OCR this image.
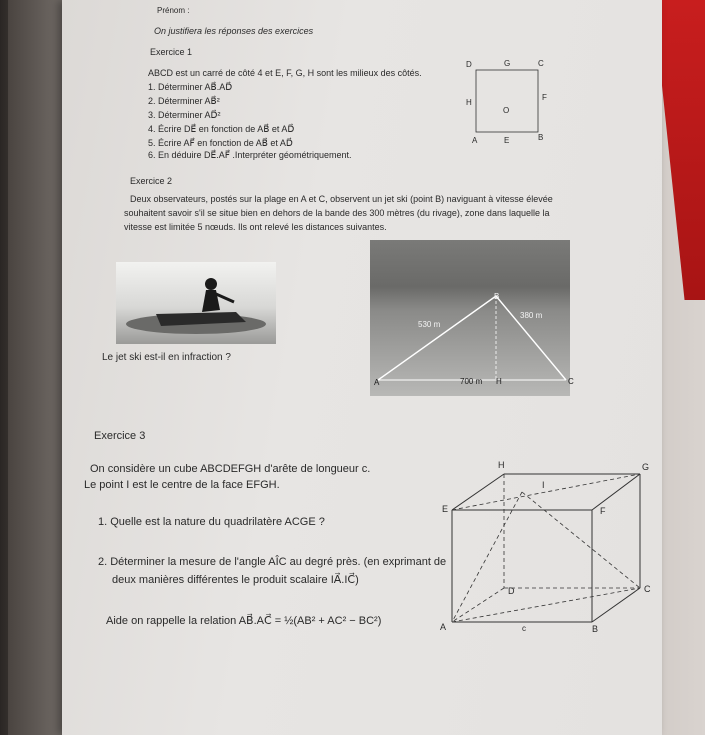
Prénom :
On justifiera les réponses des exercices
Exercice 1
ABCD est un carré de côté 4 et E, F, G, H sont les milieux des côtés.
1. Déterminer AB⃗.AD⃗
2. Déterminer AB⃗²
3. Déterminer AD⃗²
4. Écrire DE⃗ en fonction de AB⃗ et AD⃗
5. Écrire AF⃗ en fonction de AB⃗ et AD⃗
6. En déduire DE⃗.AF⃗ .Interpréter géométriquement.
D	G	C
H
O
F
A	E	B
Exercice 2
Deux observateurs, postés sur la plage en A et C, observent un jet ski (point B) naviguant à vitesse élevée
souhaitent savoir s'il se situe bien en dehors de la bande des 300 mètres (du rivage), zone dans laquelle la
vitesse est limitée 5 nœuds. Ils ont relevé les distances suivantes.
Le jet ski est-il en infraction ?
B
530 m
380 m
A	700 m H	C
Exercice 3
On considère un cube ABCDEFGH d'arête de longueur c.
Le point I est le centre de la face EFGH.
1. Quelle est la nature du quadrilatère ACGE ?
2. Déterminer la mesure de l'angle AÎC au degré près. (en exprimant de
deux manières différentes le produit scalaire IA⃗.IC⃗)
Aide on rappelle la relation AB⃗.AC⃗ = ½(AB² + AC² − BC²)
H	G
I
E	F
D	C
A	c	B
